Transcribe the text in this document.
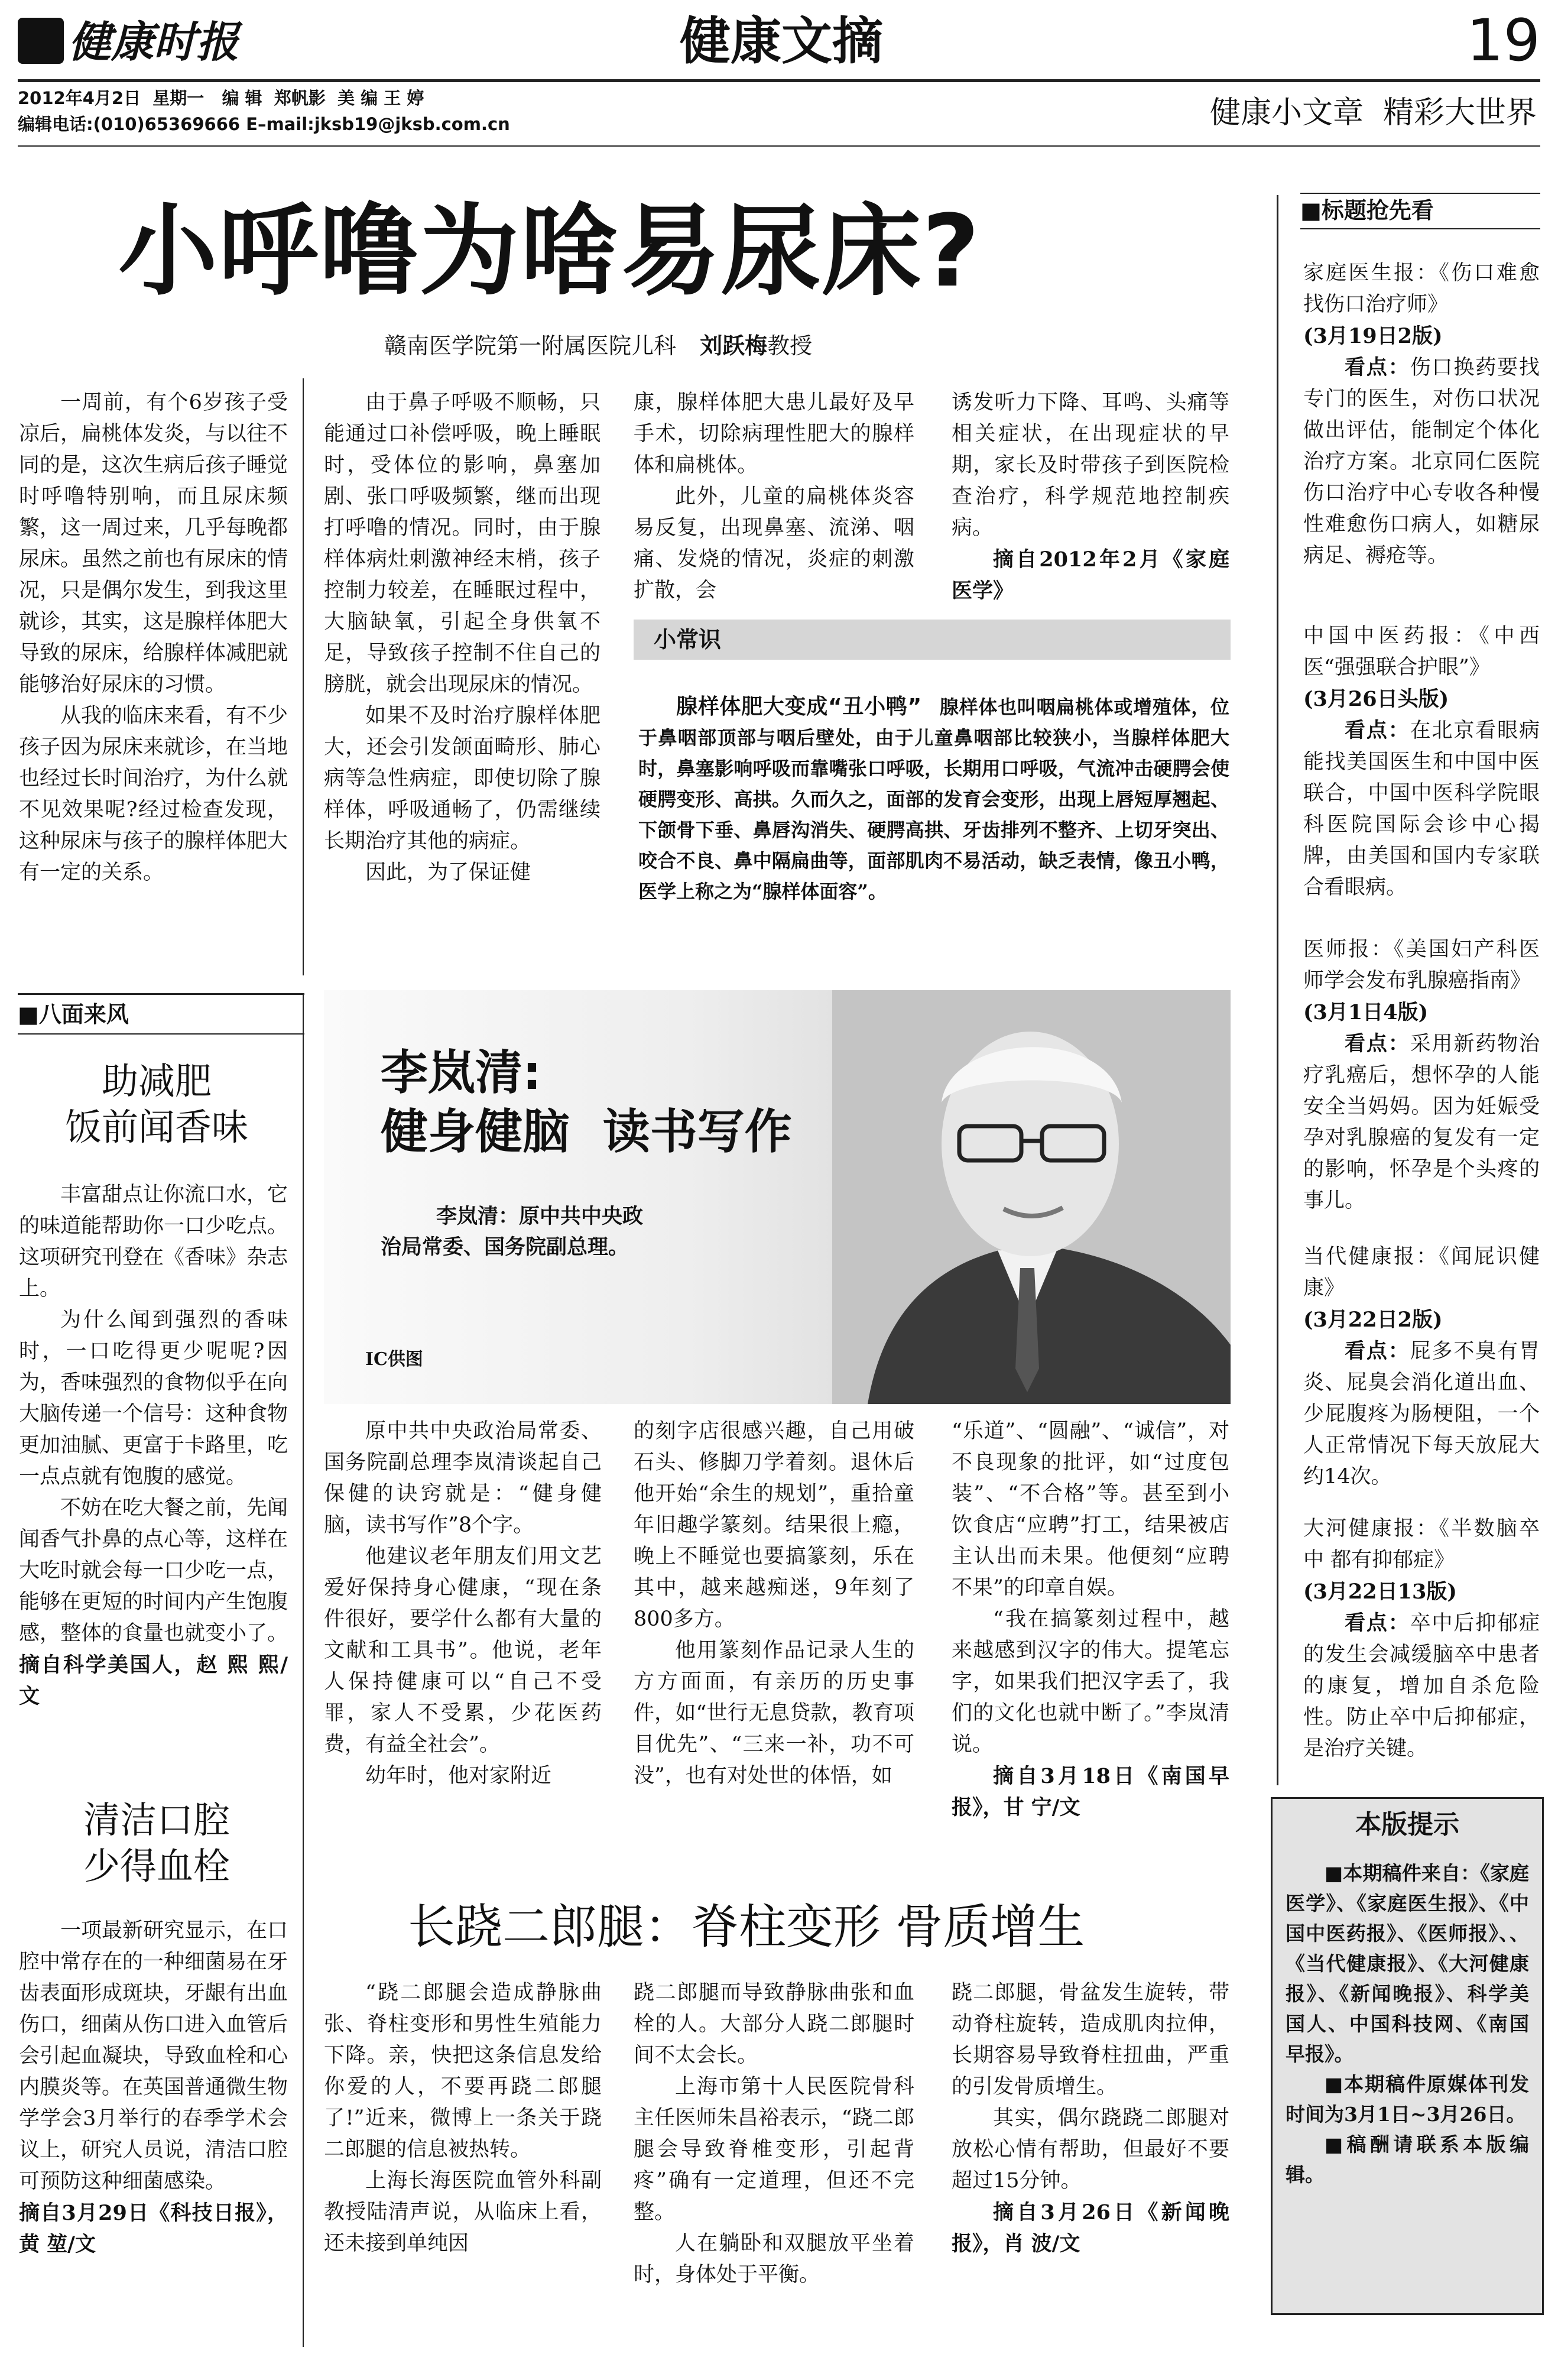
健康时报	健康文摘	19
2012年4月2日  星期一   编 辑  郑帆影  美 编 王 婷
编辑电话:(010)65369666 E–mail:jksb19@jksb.com.cn	健康小文章  精彩大世界
小呼噜为啥易尿床?
赣南医学院第一附属医院儿科 刘跃梅教授

一周前，有个6岁孩子受凉后，扁桃体发炎，与以往不同的是，这次生病后孩子睡觉时呼噜特别响，而且尿床频繁，这一周过来，几乎每晚都尿床。虽然之前也有尿床的情况，只是偶尔发生，到我这里就诊，其实，这是腺样体肥大导致的尿床，给腺样体减肥就能够治好尿床的习惯。

从我的临床来看，有不少孩子因为尿床来就诊，在当地也经过长时间治疗，为什么就不见效果呢?经过检查发现，这种尿床与孩子的腺样体肥大有一定的关系。

由于鼻子呼吸不顺畅，只能通过口补偿呼吸，晚上睡眠时，受体位的影响，鼻塞加剧、张口呼吸频繁，继而出现打呼噜的情况。同时，由于腺样体病灶刺激神经末梢，孩子控制力较差，在睡眠过程中，大脑缺氧，引起全身供氧不足，导致孩子控制不住自己的膀胱，就会出现尿床的情况。

如果不及时治疗腺样体肥大，还会引发颌面畸形、肺心病等急性病症，即使切除了腺样体，呼吸通畅了，仍需继续长期治疗其他的病症。

因此，为了保证健

康，腺样体肥大患儿最好及早手术，切除病理性肥大的腺样体和扁桃体。

此外，儿童的扁桃体炎容易反复，出现鼻塞、流涕、咽痛、发烧的情况，炎症的刺激扩散，会

诱发听力下降、耳鸣、头痛等相关症状，在出现症状的早期，家长及时带孩子到医院检查治疗，科学规范地控制疾病。

摘自2012年2月《家庭医学》
小常识

腺样体肥大变成“丑小鸭” 腺样体也叫咽扁桃体或增殖体，位于鼻咽部顶部与咽后壁处，由于儿童鼻咽部比较狭小，当腺样体肥大时，鼻塞影响呼吸而靠嘴张口呼吸，长期用口呼吸，气流冲击硬腭会使硬腭变形、高拱。久而久之，面部的发育会变形，出现上唇短厚翘起、下颌骨下垂、鼻唇沟消失、硬腭高拱、牙齿排列不整齐、上切牙突出、咬合不良、鼻中隔扁曲等，面部肌肉不易活动，缺乏表情，像丑小鸭，医学上称之为“腺样体面容”。

李岚清:
健身健脑  读书写作
李岚清：原中共中央政
治局常委、国务院副总理。
IC供图

原中共中央政治局常委、国务院副总理李岚清谈起自己保健的诀窍就是：“健身健脑，读书写作”8个字。

他建议老年朋友们用文艺爱好保持身心健康，“现在条件很好，要学什么都有大量的文献和工具书”。他说，老年人保持健康可以“自己不受罪，家人不受累，少花医药费，有益全社会”。

幼年时，他对家附近

的刻字店很感兴趣，自己用破石头、修脚刀学着刻。退休后他开始“余生的规划”，重拾童年旧趣学篆刻。结果很上瘾，晚上不睡觉也要搞篆刻，乐在其中，越来越痴迷，9年刻了800多方。

他用篆刻作品记录人生的方方面面，有亲历的历史事件，如“世行无息贷款，教育项目优先”、“三来一补，功不可没”，也有对处世的体悟，如

“乐道”、“圆融”、“诚信”，对不良现象的批评，如“过度包装”、“不合格”等。甚至到小饮食店“应聘”打工，结果被店主认出而未果。他便刻“应聘不果”的印章自娱。

“我在搞篆刻过程中，越来越感到汉字的伟大。提笔忘字，如果我们把汉字丢了，我们的文化也就中断了。”李岚清说。

摘自3月18日《南国早报》，甘 宁/文
长跷二郎腿：脊柱变形 骨质增生

“跷二郎腿会造成静脉曲张、脊柱变形和男性生殖能力下降。亲，快把这条信息发给你爱的人，不要再跷二郎腿了!”近来，微博上一条关于跷二郎腿的信息被热转。

上海长海医院血管外科副教授陆清声说，从临床上看，还未接到单纯因

跷二郎腿而导致静脉曲张和血栓的人。大部分人跷二郎腿时间不太会长。

上海市第十人民医院骨科主任医师朱昌裕表示，“跷二郎腿会导致脊椎变形，引起背疼”确有一定道理，但还不完整。

人在躺卧和双腿放平坐着时，身体处于平衡。

跷二郎腿，骨盆发生旋转，带动脊柱旋转，造成肌肉拉伸，长期容易导致脊柱扭曲，严重的引发骨质增生。

其实，偶尔跷跷二郎腿对放松心情有帮助，但最好不要超过15分钟。

摘自3月26日《新闻晚报》，肖 波/文
■八面来风
助减肥
饭前闻香味

丰富甜点让你流口水，它的味道能帮助你一口少吃点。这项研究刊登在《香味》杂志上。

为什么闻到强烈的香味时，一口吃得更少呢呢?因为，香味强烈的食物似乎在向大脑传递一个信号：这种食物更加油腻、更富于卡路里，吃一点点就有饱腹的感觉。

不妨在吃大餐之前，先闻闻香气扑鼻的点心等，这样在大吃时就会每一口少吃一点，能够在更短的时间内产生饱腹感，整体的食量也就变小了。

摘自科学美国人，赵 熙 熙/文
清洁口腔
少得血栓

一项最新研究显示，在口腔中常存在的一种细菌易在牙齿表面形成斑块，牙龈有出血伤口，细菌从伤口进入血管后会引起血凝块，导致血栓和心内膜炎等。在英国普通微生物学学会3月举行的春季学术会议上，研究人员说，清洁口腔可预防这种细菌感染。

摘自3月29日《科技日报》，黄 堃/文
■标题抢先看
家庭医生报：《伤口难愈找伤口治疗师》
(3月19日2版)

看点：伤口换药要找专门的医生，对伤口状况做出评估，能制定个体化治疗方案。北京同仁医院伤口治疗中心专收各种慢性难愈伤口病人，如糖尿病足、褥疮等。

中国中医药报：《中西医“强强联合护眼”》
(3月26日头版)

看点：在北京看眼病能找美国医生和中国中医联合，中国中医科学院眼科医院国际会诊中心揭牌，由美国和国内专家联合看眼病。

医师报：《美国妇产科医师学会发布乳腺癌指南》
(3月1日4版)

看点：采用新药物治疗乳癌后，想怀孕的人能安全当妈妈。因为妊娠受孕对乳腺癌的复发有一定的影响，怀孕是个头疼的事儿。

当代健康报：《闻屁识健康》
(3月22日2版)

看点：屁多不臭有胃炎、屁臭会消化道出血、少屁腹疼为肠梗阻，一个人正常情况下每天放屁大约14次。

大河健康报：《半数脑卒中 都有抑郁症》
(3月22日13版)

看点：卒中后抑郁症的发生会减缓脑卒中患者的康复，增加自杀危险性。防止卒中后抑郁症，是治疗关键。

本版提示

■本期稿件来自：《家庭医学》、《家庭医生报》、《中国中医药报》、《医师报》、、《当代健康报》、《大河健康报》、《新闻晚报》、科学美国人、中国科技网、《南国早报》。

■本期稿件原媒体刊发时间为3月1日~3月26日。

■稿酬请联系本版编辑。
